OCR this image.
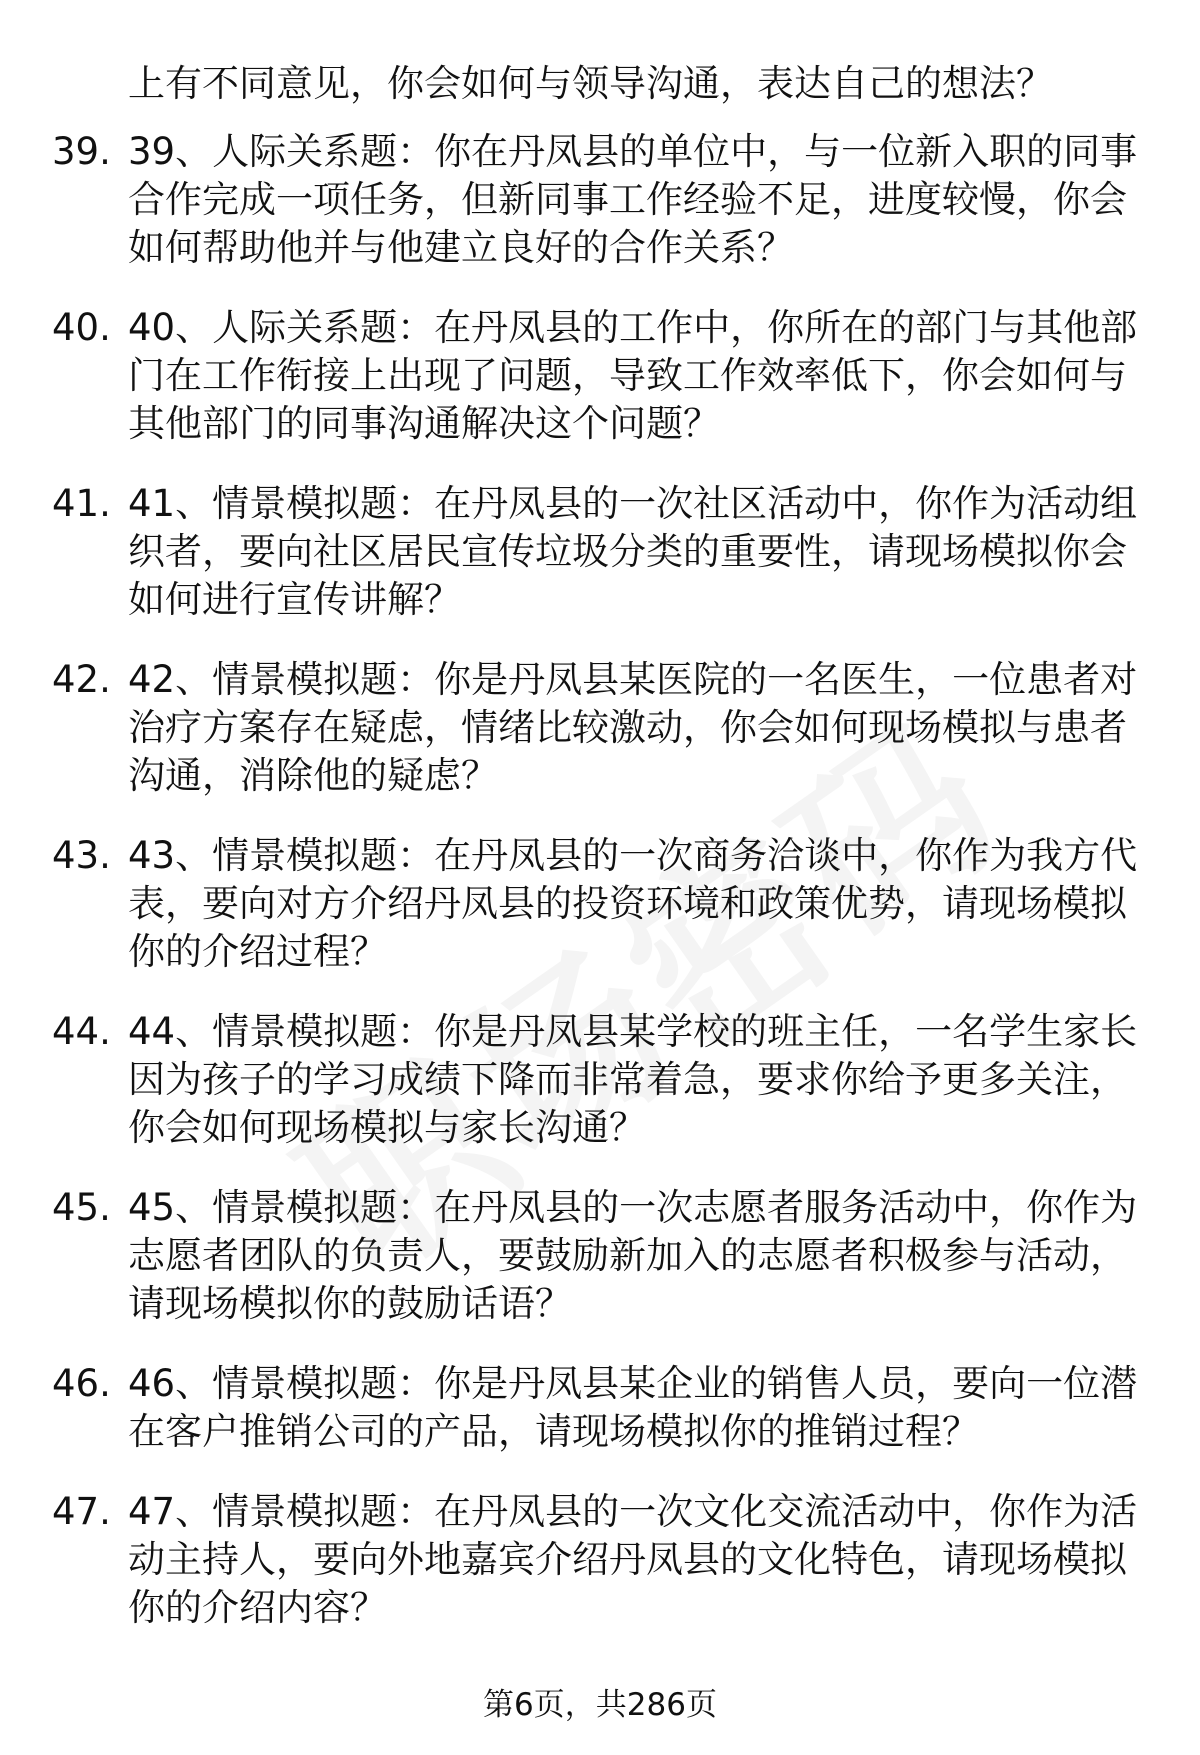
上有不同意见，你会如何与领导沟通，表达自己的想法？

39. 39、人际关系题：你在丹凤县的单位中，与一位新入职的同事合作完成一项任务，但新同事工作经验不足，进度较慢，你会如何帮助他并与他建立良好的合作关系？
40. 40、人际关系题：在丹凤县的工作中，你所在的部门与其他部门在工作衔接上出现了问题，导致工作效率低下，你会如何与其他部门的同事沟通解决这个问题？
41. 41、情景模拟题：在丹凤县的一次社区活动中，你作为活动组织者，要向社区居民宣传垃圾分类的重要性，请现场模拟你会如何进行宣传讲解？
42. 42、情景模拟题：你是丹凤县某医院的一名医生，一位患者对治疗方案存在疑虑，情绪比较激动，你会如何现场模拟与患者沟通，消除他的疑虑？
43. 43、情景模拟题：在丹凤县的一次商务洽谈中，你作为我方代表，要向对方介绍丹凤县的投资环境和政策优势，请现场模拟你的介绍过程？
44. 44、情景模拟题：你是丹凤县某学校的班主任，一名学生家长因为孩子的学习成绩下降而非常着急，要求你给予更多关注，你会如何现场模拟与家长沟通？
45. 45、情景模拟题：在丹凤县的一次志愿者服务活动中，你作为志愿者团队的负责人，要鼓励新加入的志愿者积极参与活动，请现场模拟你的鼓励话语？
46. 46、情景模拟题：你是丹凤县某企业的销售人员，要向一位潜在客户推销公司的产品，请现场模拟你的推销过程？
47. 47、情景模拟题：在丹凤县的一次文化交流活动中，你作为活动主持人，要向外地嘉宾介绍丹凤县的文化特色，请现场模拟你的介绍内容？
第6页，共286页
